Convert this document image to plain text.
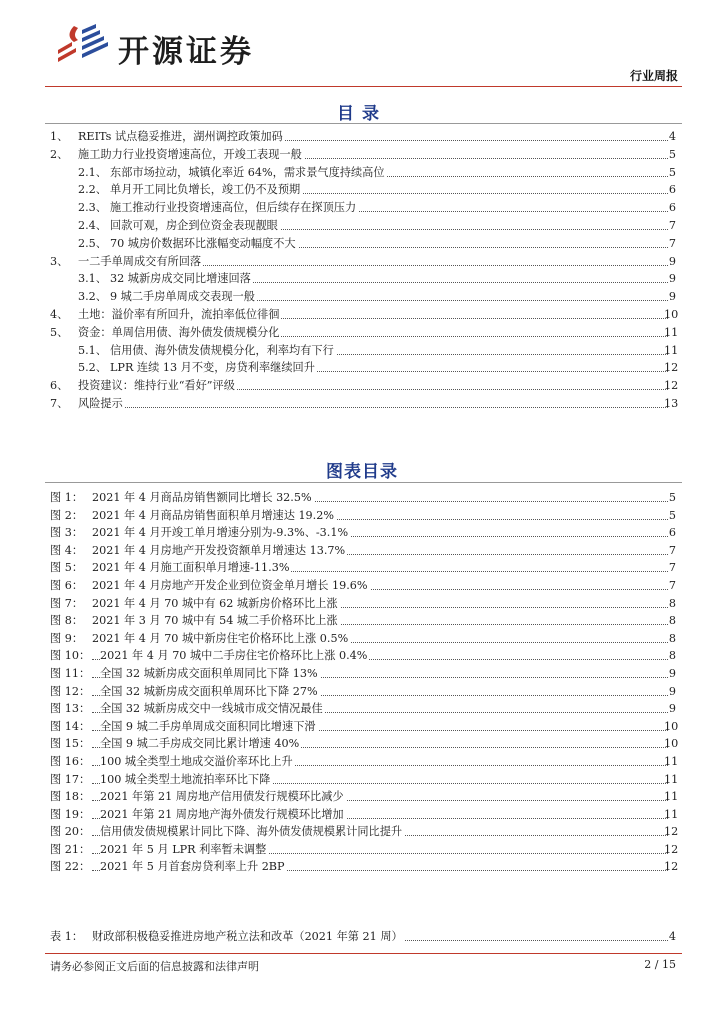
开源证券
行业周报
目录
1、 REITs 试点稳妥推进，湖州调控政策加码	4
2、 施工助力行业投资增速高位，开竣工表现一般	5
2.1、 东部市场拉动，城镇化率近 64%，需求景气度持续高位	5
2.2、 单月开工同比负增长，竣工仍不及预期	6
2.3、 施工推动行业投资增速高位，但后续存在探顶压力	6
2.4、 回款可观，房企到位资金表现靓眼	7
2.5、 70 城房价数据环比涨幅变动幅度不大	7
3、 一二手单周成交有所回落	9
3.1、 32 城新房成交同比增速回落	9
3.2、 9 城二手房单周成交表现一般	9
4、 土地：溢价率有所回升，流拍率低位徘徊	10
5、 资金：单周信用债、海外债发债规模分化	11
5.1、 信用债、海外债发债规模分化，利率均有下行	11
5.2、 LPR 连续 13 月不变，房贷利率继续回升	12
6、 投资建议：维持行业“看好”评级	12
7、 风险提示	13
图表目录
图 1： 2021 年 4 月商品房销售额同比增长 32.5%	5
图 2： 2021 年 4 月商品房销售面积单月增速达 19.2%	5
图 3： 2021 年 4 月开竣工单月增速分别为-9.3%、-3.1%	6
图 4： 2021 年 4 月房地产开发投资额单月增速达 13.7%	7
图 5： 2021 年 4 月施工面积单月增速-11.3%	7
图 6： 2021 年 4 月房地产开发企业到位资金单月增长 19.6%	7
图 7： 2021 年 4 月 70 城中有 62 城新房价格环比上涨	8
图 8： 2021 年 3 月 70 城中有 54 城二手价格环比上涨	8
图 9： 2021 年 4 月 70 城中新房住宅价格环比上涨 0.5%	8
图 10： 2021 年 4 月 70 城中二手房住宅价格环比上涨 0.4%	8
图 11： 全国 32 城新房成交面积单周同比下降 13%	9
图 12： 全国 32 城新房成交面积单周环比下降 27%	9
图 13： 全国 32 城新房成交中一线城市成交情况最佳	9
图 14： 全国 9 城二手房单周成交面积同比增速下滑	10
图 15： 全国 9 城二手房成交同比累计增速 40%	10
图 16： 100 城全类型土地成交溢价率环比上升	11
图 17： 100 城全类型土地流拍率环比下降	11
图 18： 2021 年第 21 周房地产信用债发行规模环比减少	11
图 19： 2021 年第 21 周房地产海外债发行规模环比增加	11
图 20： 信用债发债规模累计同比下降、海外债发债规模累计同比提升	12
图 21： 2021 年 5 月 LPR 利率暂未调整	12
图 22： 2021 年 5 月首套房贷利率上升 2BP	12
表 1： 财政部积极稳妥推进房地产税立法和改革（2021 年第 21 周）	4
请务必参阅正文后面的信息披露和法律声明	2 / 15
